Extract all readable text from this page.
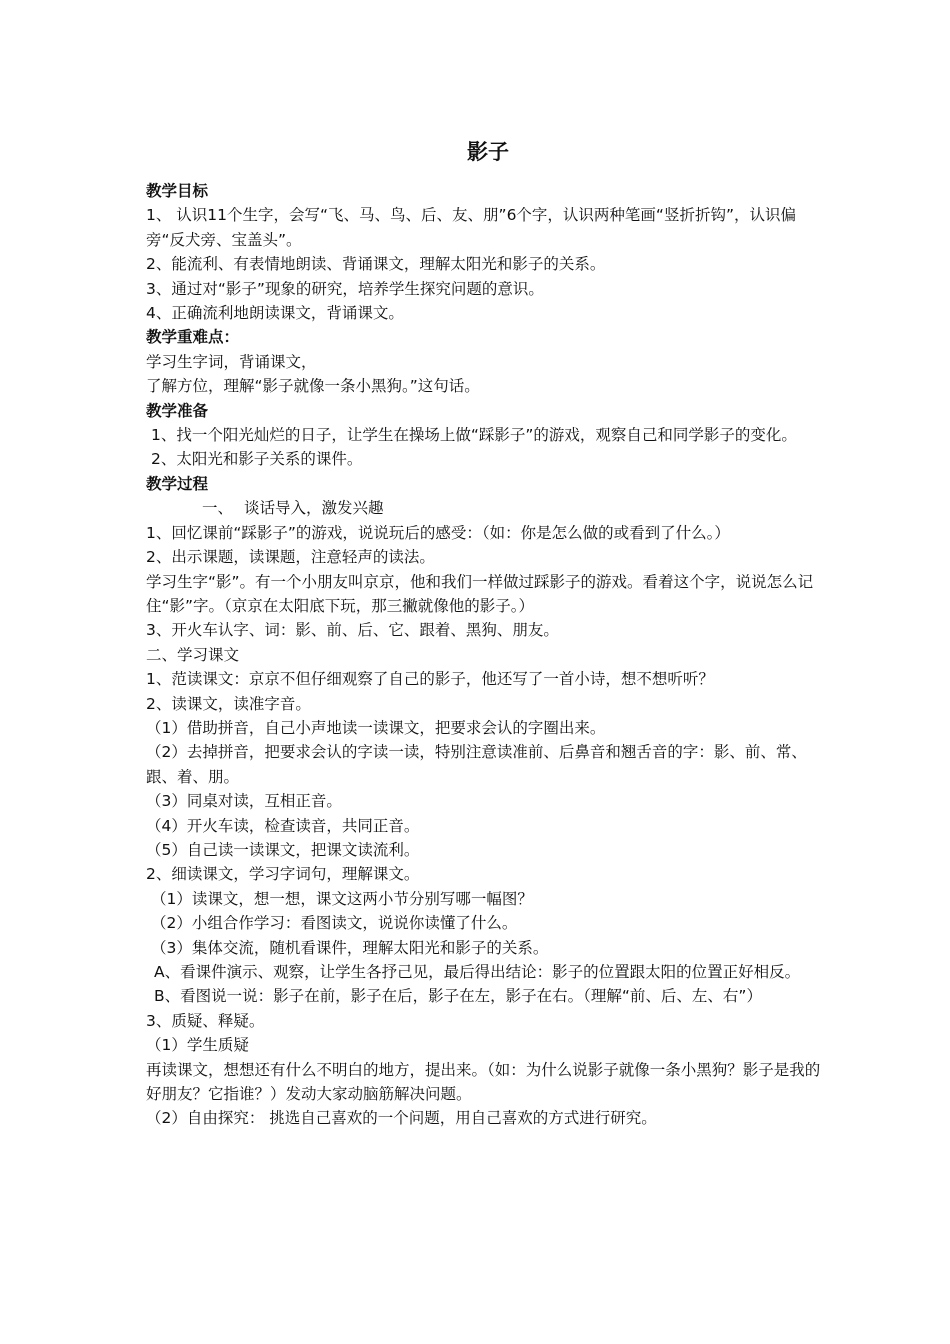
影子
教学目标
1、 认识11个生字，会写“飞、马、鸟、后、友、朋”6个字，认识两种笔画“竖折折钩”，认识偏旁“反犬旁、宝盖头”。
2、能流利、有表情地朗读、背诵课文，理解太阳光和影子的关系。
3、通过对“影子”现象的研究，培养学生探究问题的意识。
4、正确流利地朗读课文，背诵课文。
教学重难点：
学习生字词，背诵课文，
了解方位，理解“影子就像一条小黑狗。”这句话。
教学准备
1、找一个阳光灿烂的日子，让学生在操场上做“踩影子”的游戏，观察自己和同学影子的变化。
2、太阳光和影子关系的课件。
教学过程
一、 谈话导入，激发兴趣
1、回忆课前“踩影子”的游戏，说说玩后的感受：（如：你是怎么做的或看到了什么。）
2、出示课题，读课题，注意轻声的读法。
学习生字“影”。有一个小朋友叫京京，他和我们一样做过踩影子的游戏。看着这个字，说说怎么记住“影”字。（京京在太阳底下玩，那三撇就像他的影子。）
3、开火车认字、词：影、前、后、它、跟着、黑狗、朋友。
二、学习课文
1、范读课文：京京不但仔细观察了自己的影子，他还写了一首小诗，想不想听听？
2、读课文，读准字音。
（1）借助拼音，自己小声地读一读课文，把要求会认的字圈出来。
（2）去掉拼音，把要求会认的字读一读，特别注意读准前、后鼻音和翘舌音的字：影、前、常、跟、着、朋。
（3）同桌对读，互相正音。
（4）开火车读，检查读音，共同正音。
（5）自己读一读课文，把课文读流利。
2、细读课文，学习字词句，理解课文。
（1）读课文，想一想，课文这两小节分别写哪一幅图？
（2）小组合作学习：看图读文，说说你读懂了什么。
（3）集体交流，随机看课件，理解太阳光和影子的关系。
A、看课件演示、观察，让学生各抒己见，最后得出结论：影子的位置跟太阳的位置正好相反。
B、看图说一说：影子在前，影子在后，影子在左，影子在右。（理解“前、后、左、右”）
3、质疑、释疑。
（1）学生质疑
再读课文，想想还有什么不明白的地方，提出来。（如：为什么说影子就像一条小黑狗？影子是我的好朋友？它指谁？）发动大家动脑筋解决问题。
（2）自由探究： 挑选自己喜欢的一个问题，用自己喜欢的方式进行研究。
